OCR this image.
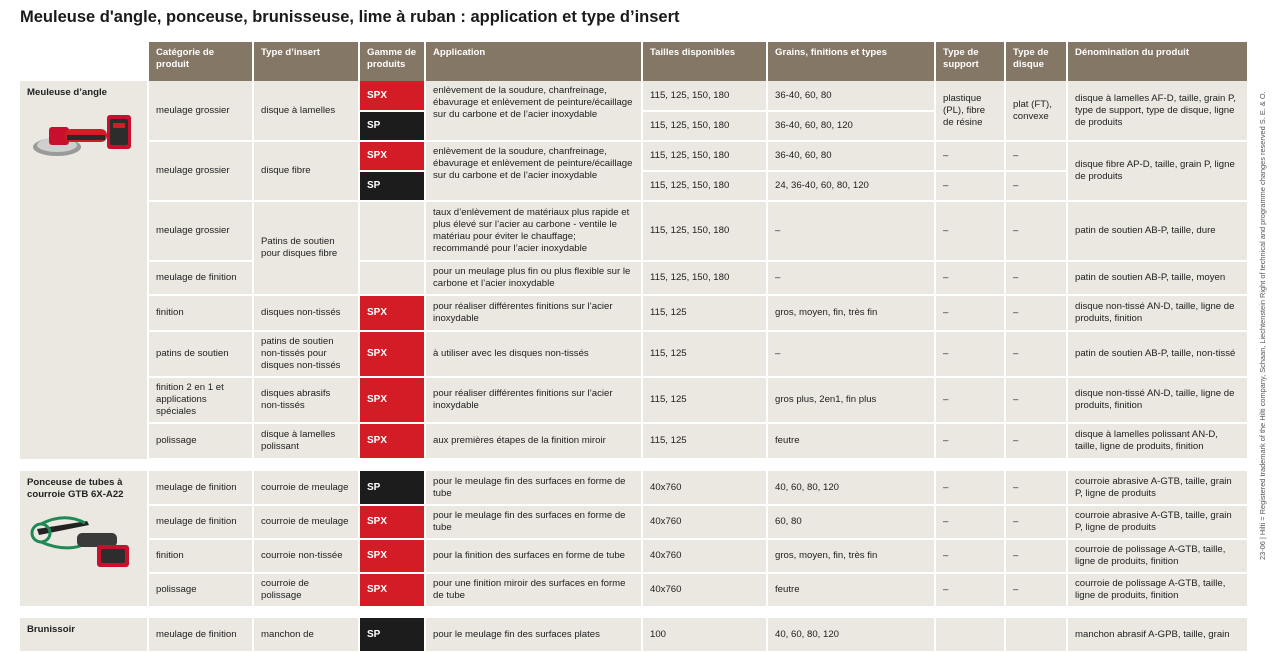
Meuleuse d'angle, ponceuse, brunisseuse, lime à ruban : application et type d’insert
	Catégorie de produit	Type d’insert	Gamme de produits	Application	Tailles disponibles	Grains, finitions et types	Type de support	Type de disque	Dénomination du produit
Meuleuse d’angle	meulage grossier	disque à lamelles	SPX	enlèvement de la soudure, chanfreinage, ébavurage et enlèvement de peinture/écaillage sur du carbone et de l’acier inoxydable	115, 125, 150, 180	36-40, 60, 80	plastique (PL), fibre de résine	plat (FT), convexe	disque à lamelles AF-D, taille, grain P, type de support, type de disque, ligne de produits
			SP		115, 125, 150, 180	36-40, 60, 80, 120			
	meulage grossier	disque fibre	SPX	enlèvement de la soudure, chanfreinage, ébavurage et enlèvement de peinture/écaillage sur du carbone et de l’acier inoxydable	115, 125, 150, 180	36-40, 60, 80	–	–	disque fibre AP-D, taille, grain P, ligne de produits
			SP		115, 125, 150, 180	24, 36-40, 60, 80, 120	–	–	
	meulage grossier	Patins de soutien pour disques fibre		taux d’enlèvement de matériaux plus rapide et plus élevé sur l’acier au carbone - ventile le matériau pour éviter le chauffage; recommandé pour l’acier inoxydable	115, 125, 150, 180	–	–	–	patin de soutien AB-P, taille, dure
	meulage de finition			pour un meulage plus fin ou plus flexible sur le carbone et l’acier inoxydable	115, 125, 150, 180	–	–	–	patin de soutien AB-P, taille, moyen
	finition	disques non-tissés	SPX	pour réaliser différentes finitions sur l’acier inoxydable	115, 125	gros, moyen, fin, très fin	–	–	disque non-tissé AN-D, taille, ligne de produits, finition
	patins de soutien	patins de soutien non-tissés pour disques non-tissés	SPX	à utiliser avec les disques non-tissés	115, 125	–	–	–	patin de soutien AB-P, taille, non-tissé
	finition 2 en 1 et applications spéciales	disques abrasifs non-tissés	SPX	pour réaliser différentes finitions sur l’acier inoxydable	115, 125	gros plus, 2en1, fin plus	–	–	disque non-tissé AN-D, taille, ligne de produits, finition
	polissage	disque à lamelles polissant	SPX	aux premières étapes de la finition miroir	115, 125	feutre	–	–	disque à lamelles polissant AN-D, taille, ligne de produits, finition

Ponceuse de tubes à courroie GTB 6X-A22	meulage de finition	courroie de meulage	SP	pour le meulage fin des surfaces en forme de tube	40x760	40, 60, 80, 120	–	–	courroie abrasive A-GTB, taille, grain P, ligne de produits
	meulage de finition	courroie de meulage	SPX	pour le meulage fin des surfaces en forme de tube	40x760	60, 80	–	–	courroie abrasive A-GTB, taille, grain P, ligne de produits
	finition	courroie non-tissée	SPX	pour la finition des surfaces en forme de tube	40x760	gros, moyen, fin, très fin	–	–	courroie de polissage A-GTB, taille, ligne de produits, finition
	polissage	courroie de polissage	SPX	pour une finition miroir des surfaces en forme de tube	40x760	feutre	–	–	courroie de polissage A-GTB, taille, ligne de produits, finition

Brunissoir	meulage de finition	manchon de	SP	pour le meulage fin des surfaces plates	100	40, 60, 80, 120			manchon abrasif A-GPB, taille, grain
23-06 | Hilti = Registered trademark of the Hilti company, Schaan, Liechtenstein Right of technical and programme changes reserved S. E. & O.
